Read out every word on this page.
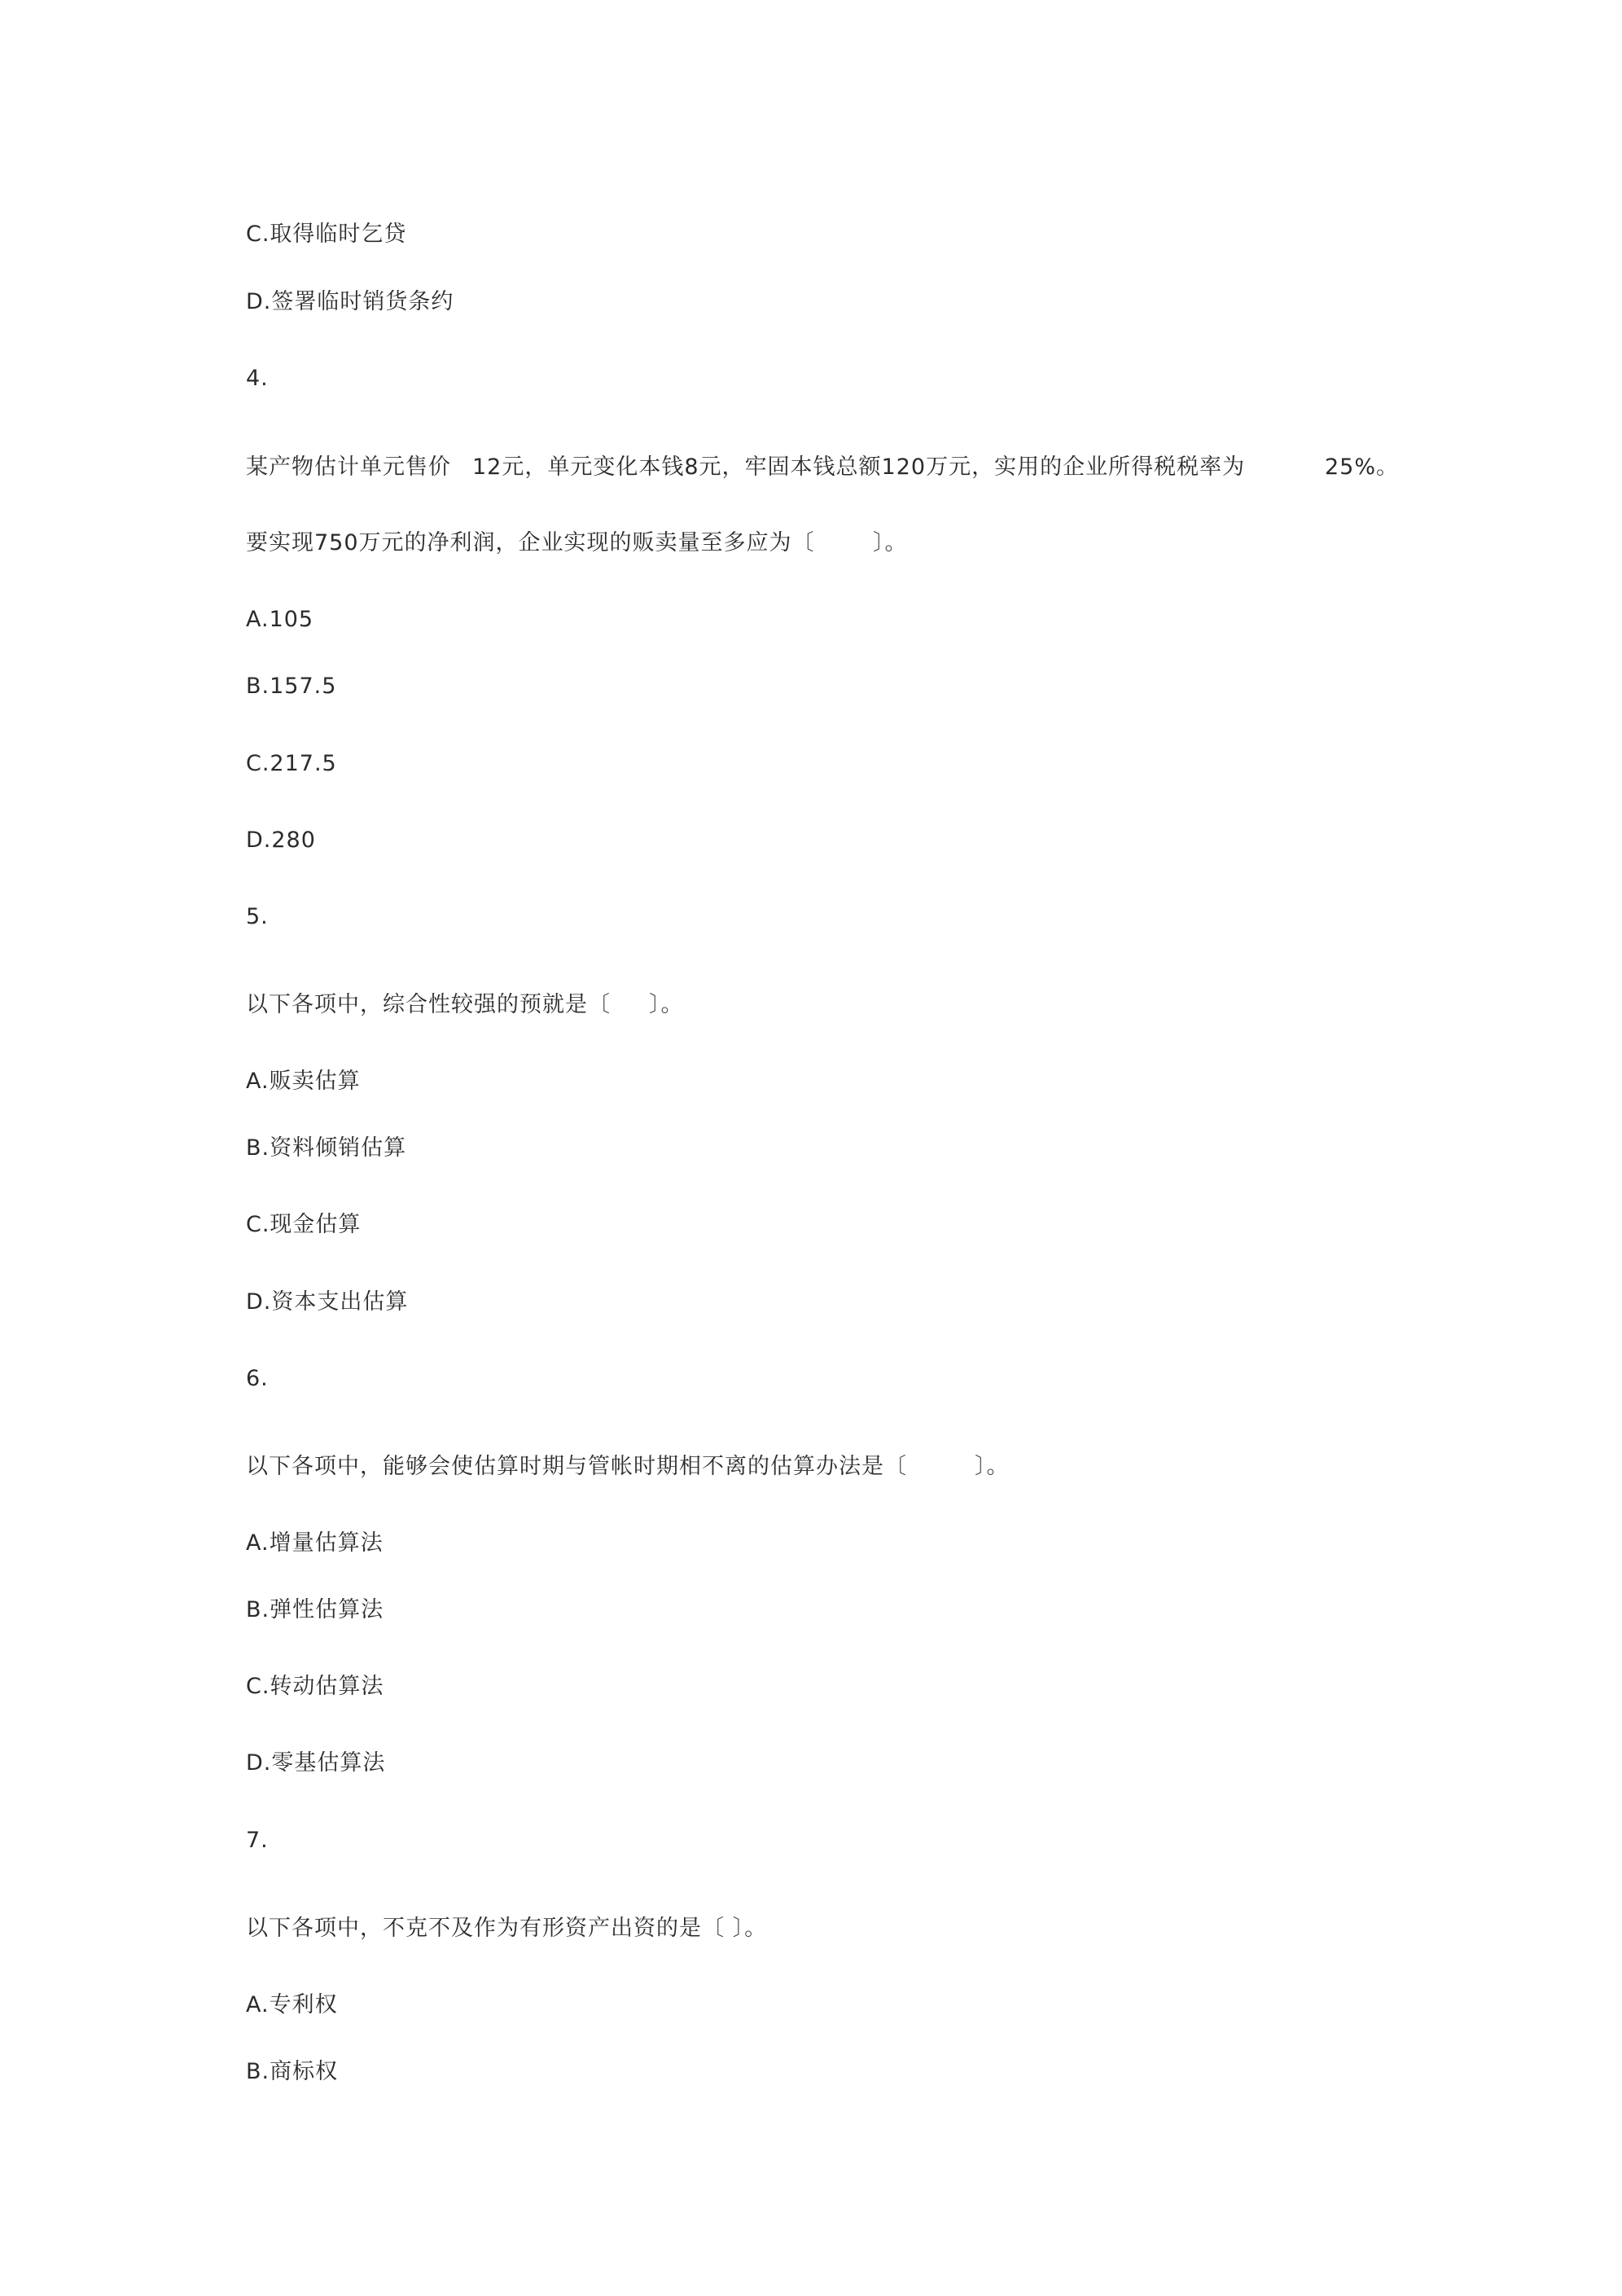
C.取得临时乞贷
D.签署临时销货条约
4.
某产物估计单元售价 12元，单元变化本钱8元，牢固本钱总额120万元，实用的企业所得税税率为	25%。
要实现750万元的净利润，企业实现的贩卖量至多应为〔	〕。
A.105
B.157.5
C.217.5
D.280
5.
以下各项中，综合性较强的预就是〔 〕。
A.贩卖估算
B.资料倾销估算
C.现金估算
D.资本支出估算
6.
以下各项中，能够会使估算时期与管帐时期相不离的估算办法是〔	〕。
A.增量估算法
B.弹性估算法
C.转动估算法
D.零基估算法
7.
以下各项中，不克不及作为有形资产出资的是〔 〕。
A.专利权
B.商标权
